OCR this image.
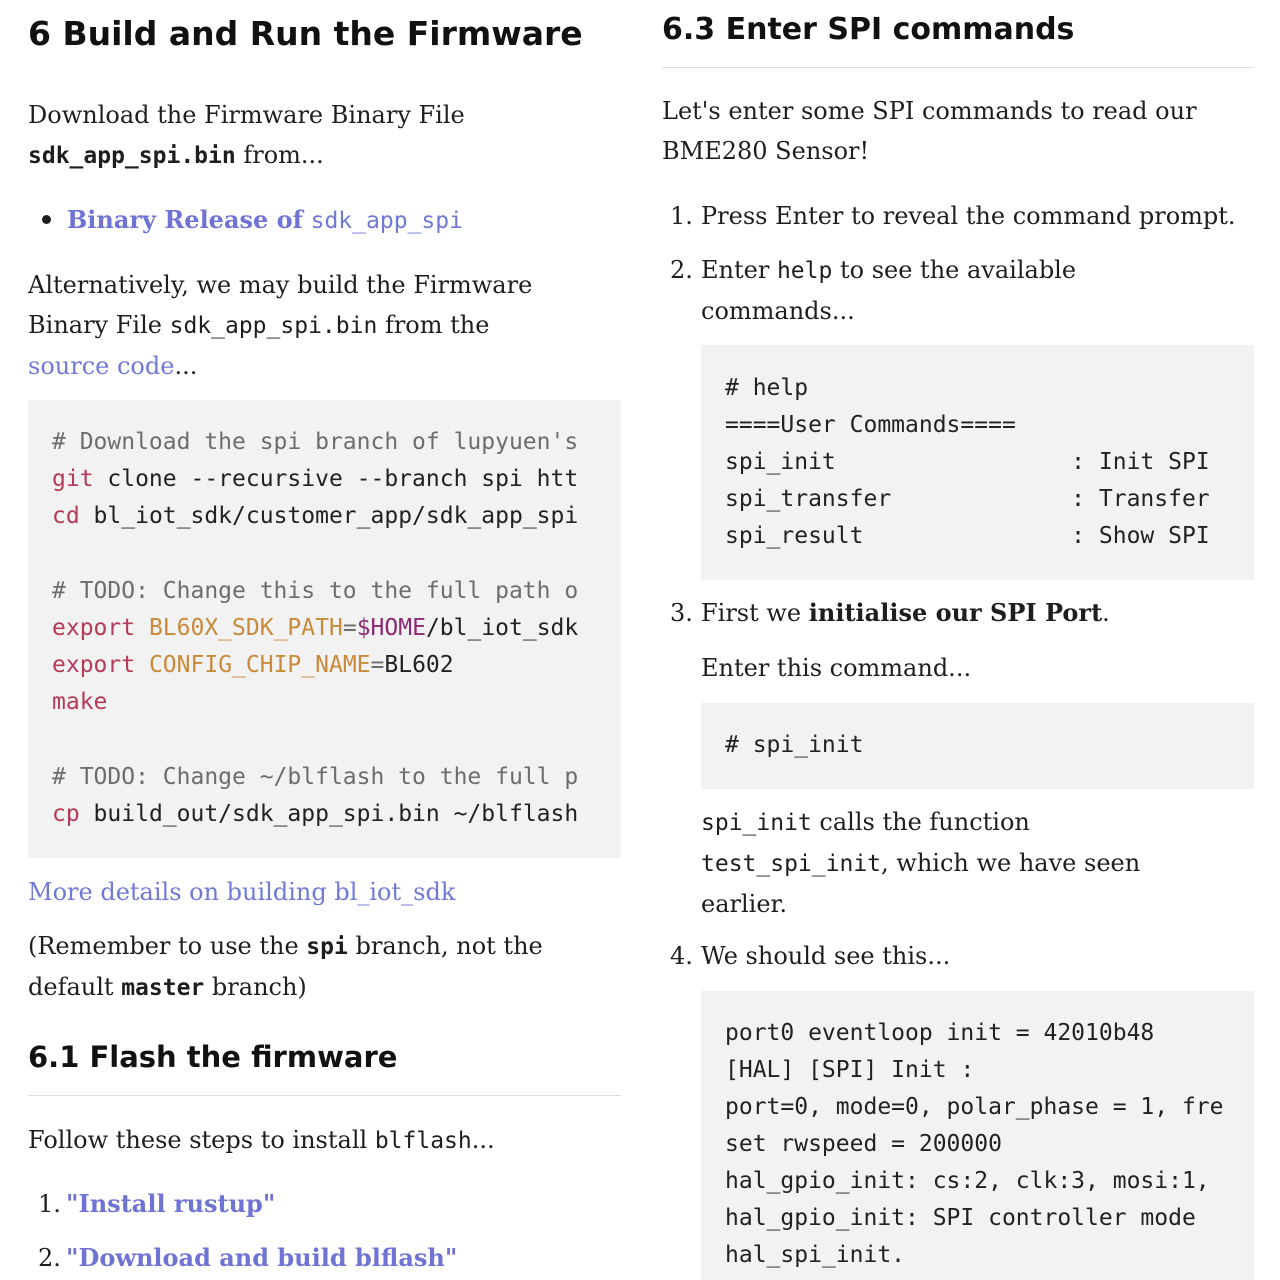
6 Build and Run the Firmware

Download the Firmware Binary File
sdk_app_spi.bin from...

Binary Release of sdk_app_spi

Alternatively, we may build the Firmware
Binary File sdk_app_spi.bin from the
source code...

# Download the spi branch of lupyuen's
git clone --recursive --branch spi htt
cd bl_iot_sdk/customer_app/sdk_app_spi
# TODO: Change this to the full path o
export BL60X_SDK_PATH=$HOME/bl_iot_sdk
export CONFIG_CHIP_NAME=BL602
make
# TODO: Change ~/blflash to the full p
cp build_out/sdk_app_spi.bin ~/blflash

More details on building bl_iot_sdk

(Remember to use the spi branch, not the
default master branch)

6.1 Flash the firmware

Follow these steps to install blflash...

1. "Install rustup"
2. "Download and build blflash"
6.3 Enter SPI commands

Let's enter some SPI commands to read our
BME280 Sensor!

1. Press Enter to reveal the command prompt.
2. Enter help to see the available
commands...

# help
====User Commands====
spi_init                 : Init SPI
spi_transfer             : Transfer
spi_result               : Show SPI
3. First we initialise our SPI Port.
Enter this command...
# spi_init

spi_init calls the function
test_spi_init, which we have seen
earlier.

4. We should see this...
port0 eventloop init = 42010b48
[HAL] [SPI] Init :
port=0, mode=0, polar_phase = 1, fre
set rwspeed = 200000
hal_gpio_init: cs:2, clk:3, mosi:1,
hal_gpio_init: SPI controller mode
hal_spi_init.
